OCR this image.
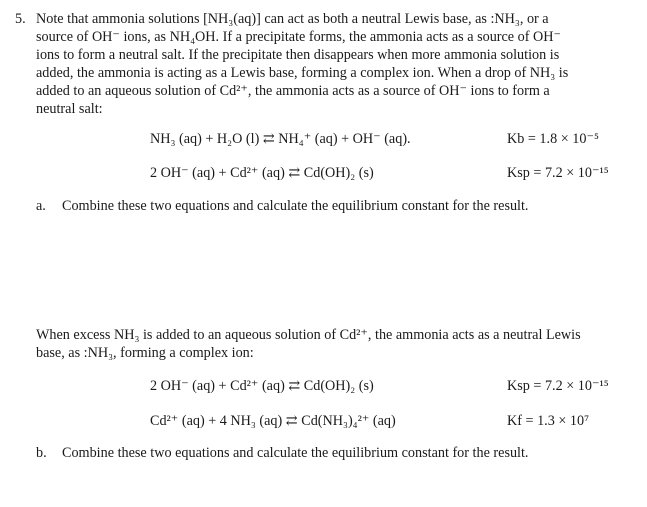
5. Note that ammonia solutions [NH₃(aq)] can act as both a neutral Lewis base, as :NH₃, or a
source of OH⁻ ions, as NH₄OH. If a precipitate forms, the ammonia acts as a source of OH⁻
ions to form a neutral salt. If the precipitate then disappears when more ammonia solution is
added, the ammonia is acting as a Lewis base, forming a complex ion. When a drop of NH₃ is
added to an aqueous solution of Cd²⁺, the ammonia acts as a source of OH⁻ ions to form a
neutral salt:

NH₃ (aq) + H₂O (l) ⇄ NH₄⁺ (aq) + OH⁻ (aq).	Kb = 1.8 × 10⁻⁵
2 OH⁻ (aq) + Cd²⁺ (aq) ⇄ Cd(OH)₂ (s)	Ksp = 7.2 × 10⁻¹⁵
a. Combine these two equations and calculate the equilibrium constant for the result.

When excess NH₃ is added to an aqueous solution of Cd²⁺, the ammonia acts as a neutral Lewis
base, as :NH₃, forming a complex ion:

2 OH⁻ (aq) + Cd²⁺ (aq) ⇄ Cd(OH)₂ (s)	Ksp = 7.2 × 10⁻¹⁵
Cd²⁺ (aq) + 4 NH₃ (aq) ⇄ Cd(NH₃)₄²⁺ (aq)	Kf = 1.3 × 10⁷
b. Combine these two equations and calculate the equilibrium constant for the result.
